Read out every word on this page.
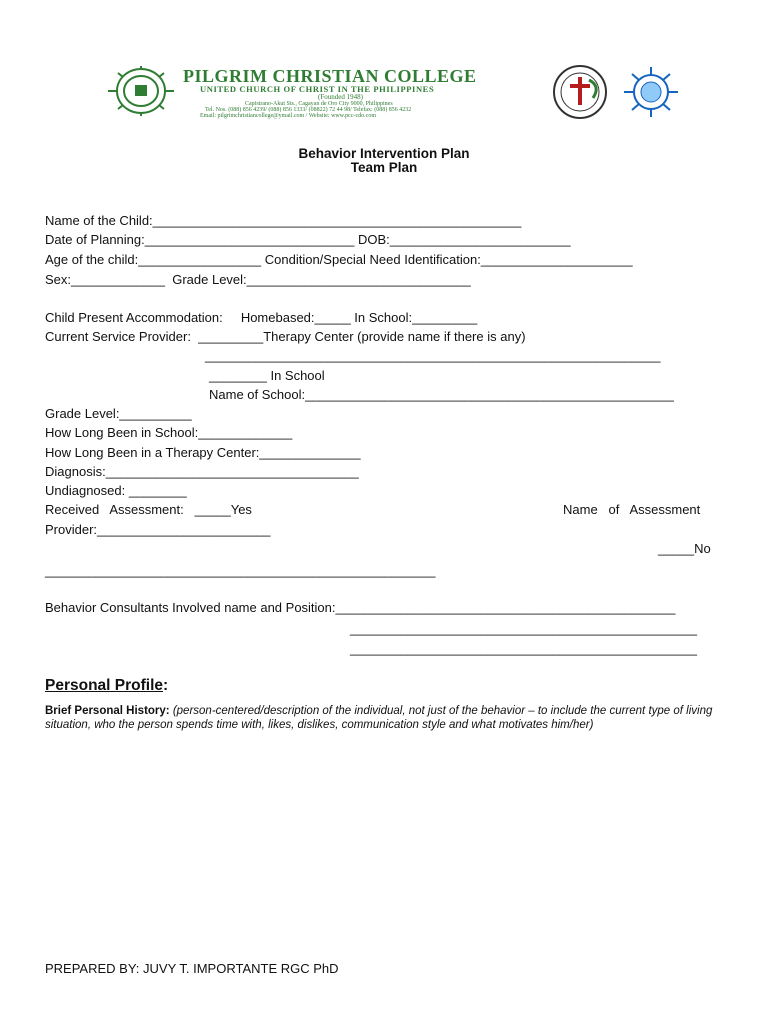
PILGRIM CHRISTIAN COLLEGE
UNITED CHURCH OF CHRIST IN THE PHILIPPINES
(Founded 1948)
Capistrano-Akut Sts., Cagayan de Oro City 9000, Philippines
Tel. Nos. (088) 856 4239/ (088) 856 1333/ (08822) 72 44 98/ Telefax: (088) 856 4232
Email: pilgrimchristiancollege@ymail.com / Website: www.pcc-cdo.com
Behavior Intervention Plan
Team Plan
Name of the Child:___________________________________________________
Date of Planning:_____________________________ DOB:_________________________
Age of the child:_________________ Condition/Special Need Identification:_____________________
Sex:_____________  Grade Level:_______________________________
Child Present Accommodation:     Homebased:_____ In School:_________
Current Service Provider:  _________Therapy Center (provide name if there is any)
_______________________________________________________________
________ In School
Name of School:___________________________________________________
Grade Level:__________
How Long Been in School:_____________
How Long Been in a Therapy Center:______________
Diagnosis:___________________________________
Undiagnosed: ________
Received   Assessment:   _____Yes	Name   of   Assessment
Provider:________________________
_____No
______________________________________________________
Behavior Consultants Involved name and Position:_______________________________________________
________________________________________________
________________________________________________
Personal Profile:
Brief Personal History: (person-centered/description of the individual, not just of the behavior – to include the current type of living situation, who the person spends time with, likes, dislikes, communication style and what motivates him/her)
PREPARED BY: JUVY T. IMPORTANTE RGC PhD
